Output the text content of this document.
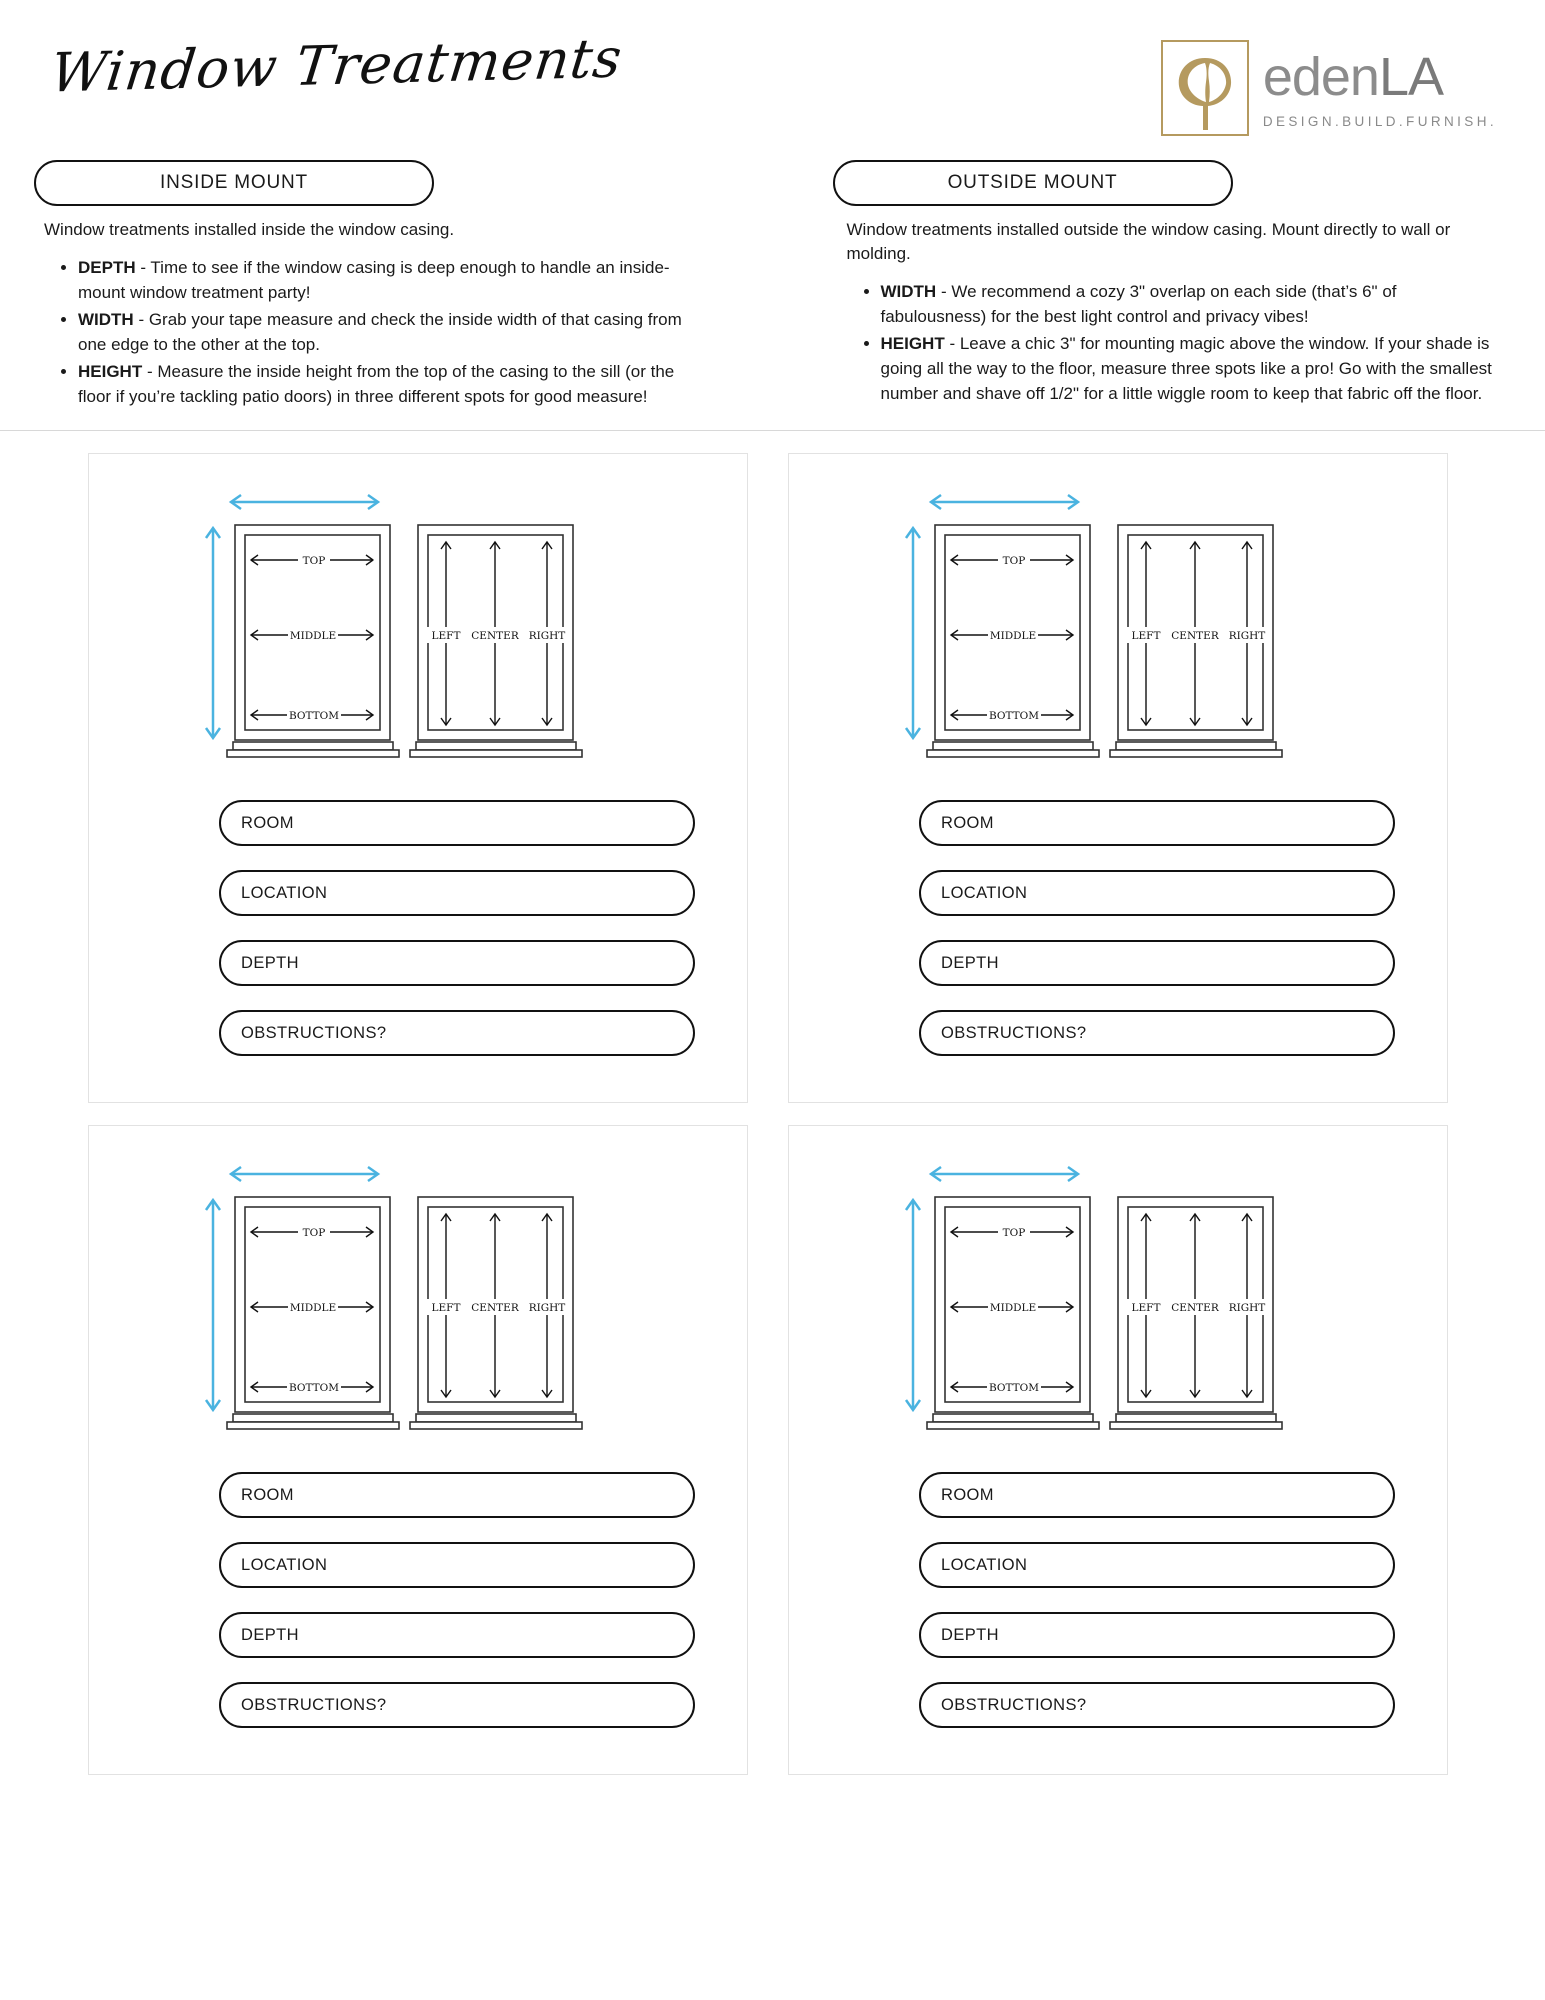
Window Treatments	edenLA
DESIGN.BUILD.FURNISH.
INSIDE MOUNT

Window treatments installed inside the window casing.

• DEPTH - Time to see if the window casing is deep enough to handle an inside-mount window treatment party!
• WIDTH - Grab your tape measure and check the inside width of that casing from one edge to the other at the top.
• HEIGHT - Measure the inside height from the top of the casing to the sill (or the floor if you’re tackling patio doors) in three different spots for good measure!
OUTSIDE MOUNT

Window treatments installed outside the window casing. Mount directly to wall or molding.

• WIDTH - We recommend a cozy 3" overlap on each side (that’s 6" of fabulousness) for the best light control and privacy vibes!
• HEIGHT - Leave a chic 3" for mounting magic above the window. If your shade is going all the way to the floor, measure three spots like a pro! Go with the smallest number and shave off 1/2" for a little wiggle room to keep that fabric off the floor.
TOP
MIDDLE
BOTTOM
LEFT CENTER RIGHT
ROOM
LOCATION
DEPTH
OBSTRUCTIONS?
TOP
MIDDLE
BOTTOM
LEFT CENTER RIGHT
ROOM
LOCATION
DEPTH
OBSTRUCTIONS?
TOP
MIDDLE
BOTTOM
LEFT CENTER RIGHT
ROOM
LOCATION
DEPTH
OBSTRUCTIONS?
TOP
MIDDLE
BOTTOM
LEFT CENTER RIGHT
ROOM
LOCATION
DEPTH
OBSTRUCTIONS?
